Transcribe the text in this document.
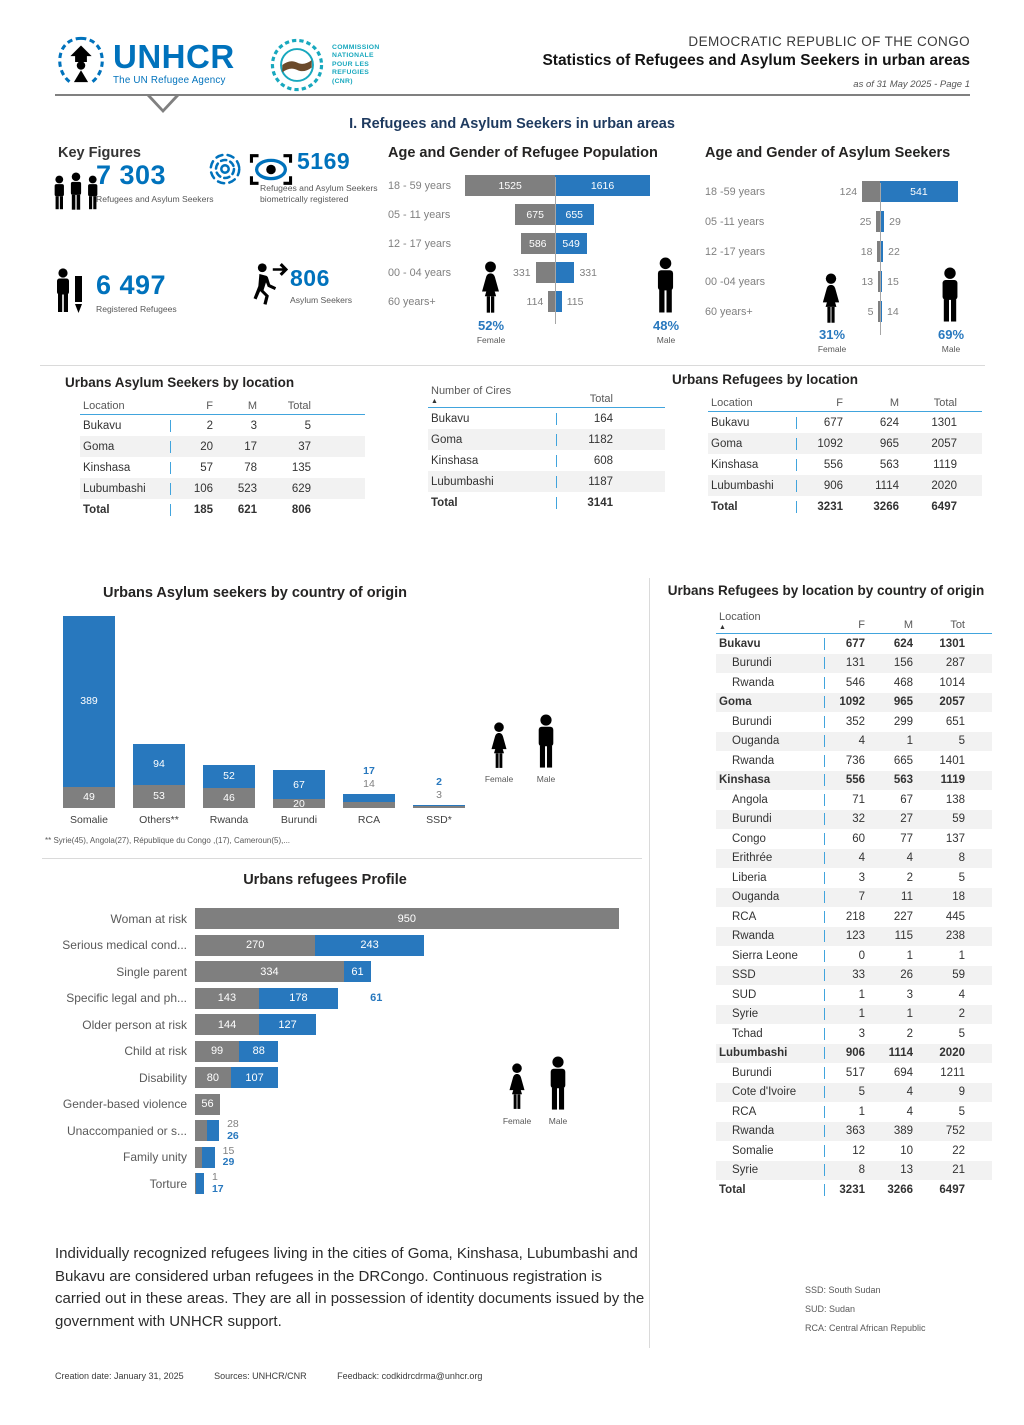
UNHCR
The UN Refugee Agency
COMMISSION
NATIONALE
POUR LES
REFUGIES
(CNR)
DEMOCRATIC REPUBLIC OF THE CONGO
Statistics of Refugees and Asylum Seekers in urban areas
as of 31 May 2025 - Page 1
I. Refugees and Asylum Seekers in urban areas
Key Figures
7 303
Refugees and Asylum Seekers
5169
Refugees and Asylum Seekers biometrically registered
6 497
Registered Refugees
806
Asylum Seekers
Age and Gender of Refugee Population
18 - 59 years	1525	1616
05 - 11 years	675	655
12 - 17 years	586	549
00 - 04 years	331	331
60 years+	114 115
52%
Female
48%
Male
Age and Gender of Asylum Seekers
18 -59 years	124	541
05 -11 years	25 29
12 -17 years	18 22
00 -04 years	13 15
60 years+	5 14
31%
Female
69%
Male
Urbans Asylum Seekers by location
Location	F	M	Total
Bukavu	2	3	5
Goma	20	17	37
Kinshasa	57	78	135
Lubumbashi	106	523	629
Total	185	621	806
Number of Cires
▲	Total
Bukavu	164
Goma	1182
Kinshasa	608
Lubumbashi	1187
Total	3141
Urbans Refugees by location
Location	F	M	Total
Bukavu	677	624	1301
Goma	1092	965	2057
Kinshasa	556	563	1119
Lubumbashi	906	1114	2020
Total	3231	3266	6497
Urbans Asylum seekers by country of origin
389
49
Somalie
94
53
Others**
52
46
Rwanda
67
20
Burundi
17
14
RCA
2
3
SSD*
** Syrie(45), Angola(27), République du Congo ,(17), Cameroun(5),...
Female	Male
Urbans refugees Profile
Woman at risk	950
Serious medical cond...	270	243
Single parent	334	61
Specific legal and ph...	143	178	61
Older person at risk	144	127
Child at risk	99	88
Disability	80	107
Gender-based violence	56
Unaccompanied or s...	28
26
Family unity	15
29
Torture	1
17
Female	Male
Urbans Refugees by location by country of origin
Location
▲	F	M	Tot
Bukavu	677	624	1301
Burundi	131	156	287
Rwanda	546	468	1014
Goma	1092	965	2057
Burundi	352	299	651
Ouganda	4	1	5
Rwanda	736	665	1401
Kinshasa	556	563	1119
Angola	71	67	138
Burundi	32	27	59
Congo	60	77	137
Erithrée	4	4	8
Liberia	3	2	5
Ouganda	7	11	18
RCA	218	227	445
Rwanda	123	115	238
Sierra Leone	0	1	1
SSD	33	26	59
SUD	1	3	4
Syrie	1	1	2
Tchad	3	2	5
Lubumbashi	906	1114	2020
Burundi	517	694	1211
Cote d'Ivoire	5	4	9
RCA	1	4	5
Rwanda	363	389	752
Somalie	12	10	22
Syrie	8	13	21
Total	3231	3266	6497
Individually recognized refugees living in the cities of Goma, Kinshasa, Lubumbashi and Bukavu are considered urban refugees in the DRCongo. Continuous registration is carried out in these areas. They are all in possession of identity documents issued by the government with UNHCR support.
SSD: South Sudan
SUD: Sudan
RCA: Central African Republic
Creation date: January 31, 2025	Sources: UNHCR/CNR	Feedback: codkidrcdrma@unhcr.org
